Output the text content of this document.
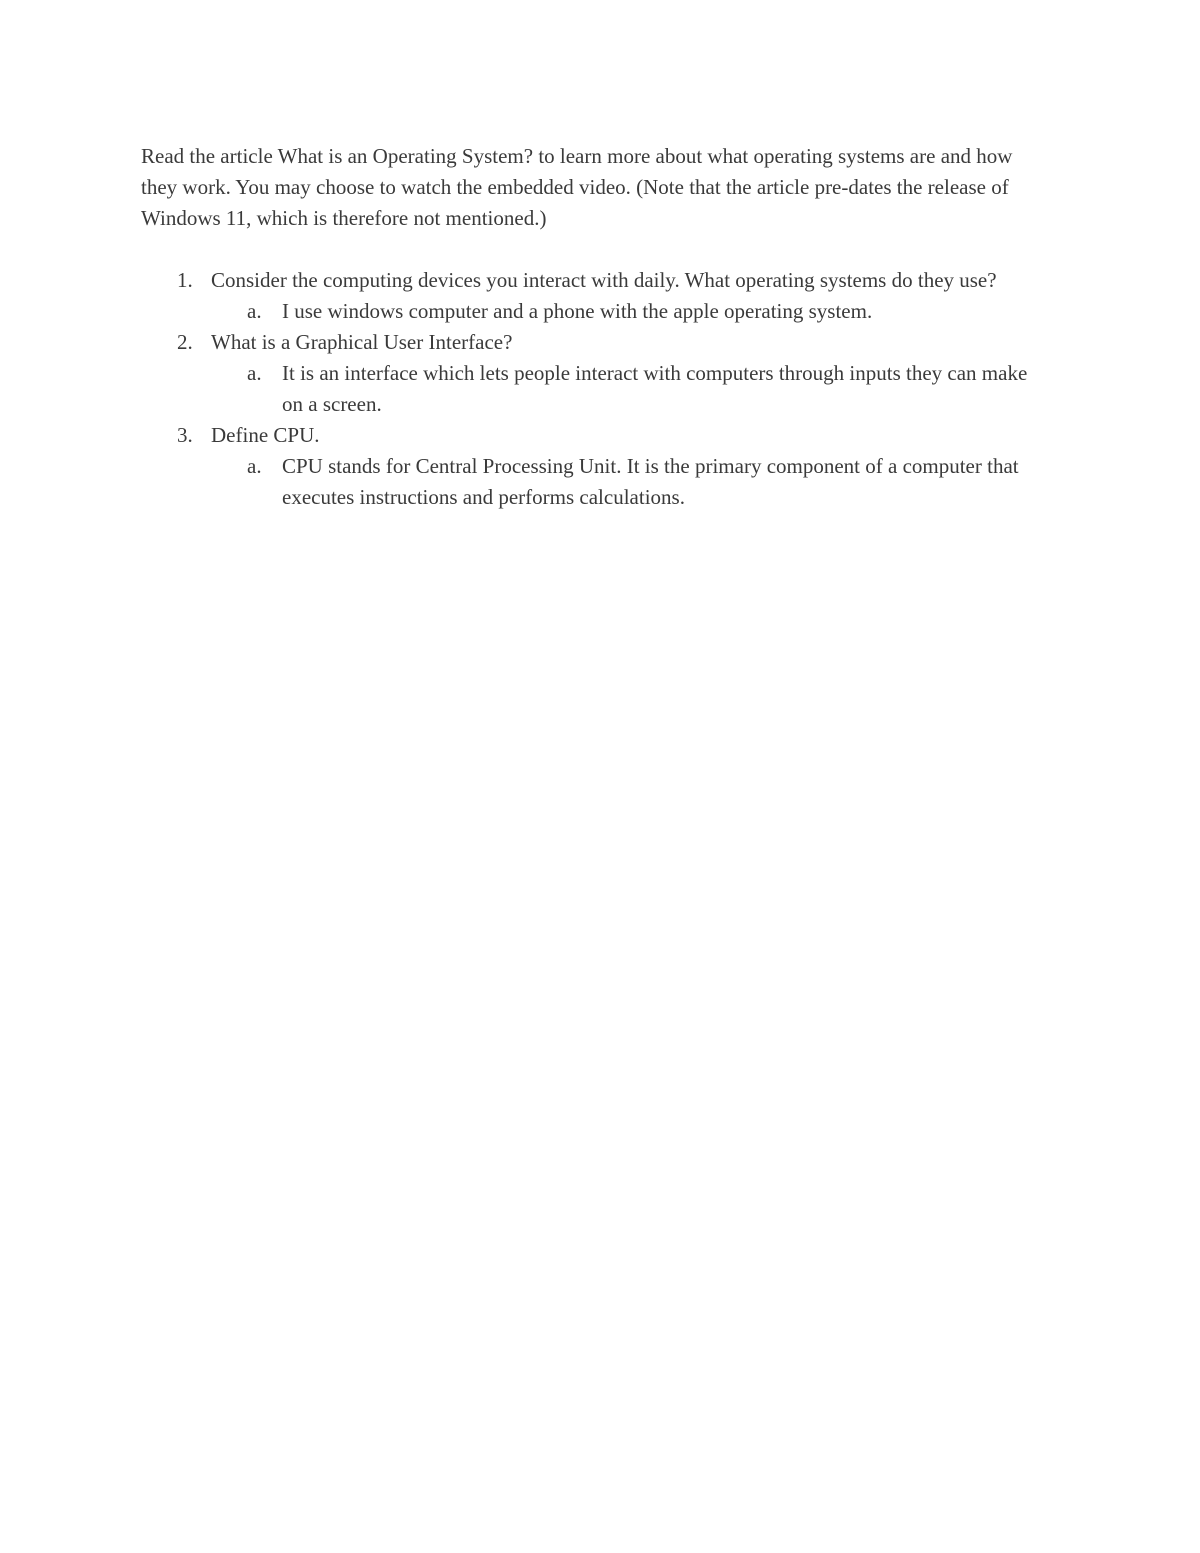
Read the article What is an Operating System? to learn more about what operating systems are and how they work. You may choose to watch the embedded video. (Note that the article pre-dates the release of Windows 11, which is therefore not mentioned.)

1. Consider the computing devices you interact with daily. What operating systems do they use?
a. I use windows computer and a phone with the apple operating system.
2. What is a Graphical User Interface?
a. It is an interface which lets people interact with computers through inputs they can make on a screen.
3. Define CPU.
a. CPU stands for Central Processing Unit. It is the primary component of a computer that executes instructions and performs calculations.
